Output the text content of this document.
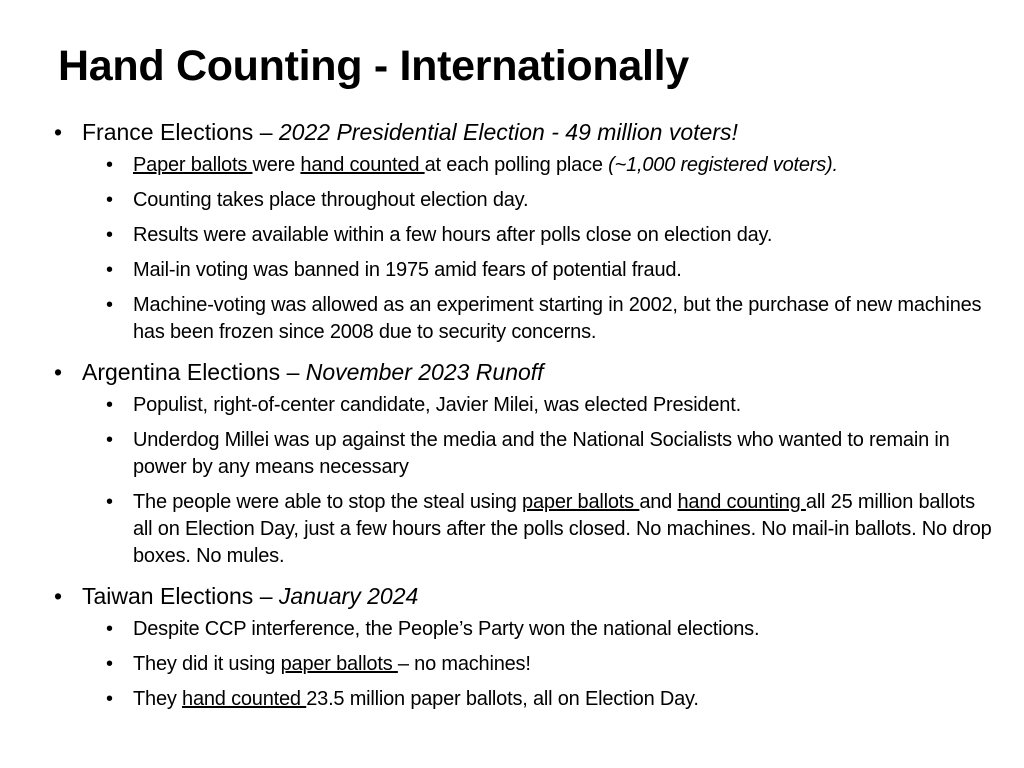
Hand Counting - Internationally
• France Elections – 2022 Presidential Election - 49 million voters!
• Paper ballots were hand counted at each polling place (~1,000 registered voters).
• Counting takes place throughout election day.
• Results were available within a few hours after polls close on election day.
• Mail-in voting was banned in 1975 amid fears of potential fraud.
• Machine-voting was allowed as an experiment starting in 2002, but the purchase of new machines has been frozen since 2008 due to security concerns.
• Argentina Elections – November 2023 Runoff
• Populist, right-of-center candidate, Javier Milei, was elected President.
• Underdog Millei was up against the media and the National Socialists who wanted to remain in power by any means necessary
• The people were able to stop the steal using paper ballots and hand counting all 25 million ballots all on Election Day, just a few hours after the polls closed. No machines. No mail-in ballots. No drop boxes. No mules.
• Taiwan Elections – January 2024
• Despite CCP interference, the People’s Party won the national elections.
• They did it using paper ballots – no machines!
• They hand counted 23.5 million paper ballots, all on Election Day.
